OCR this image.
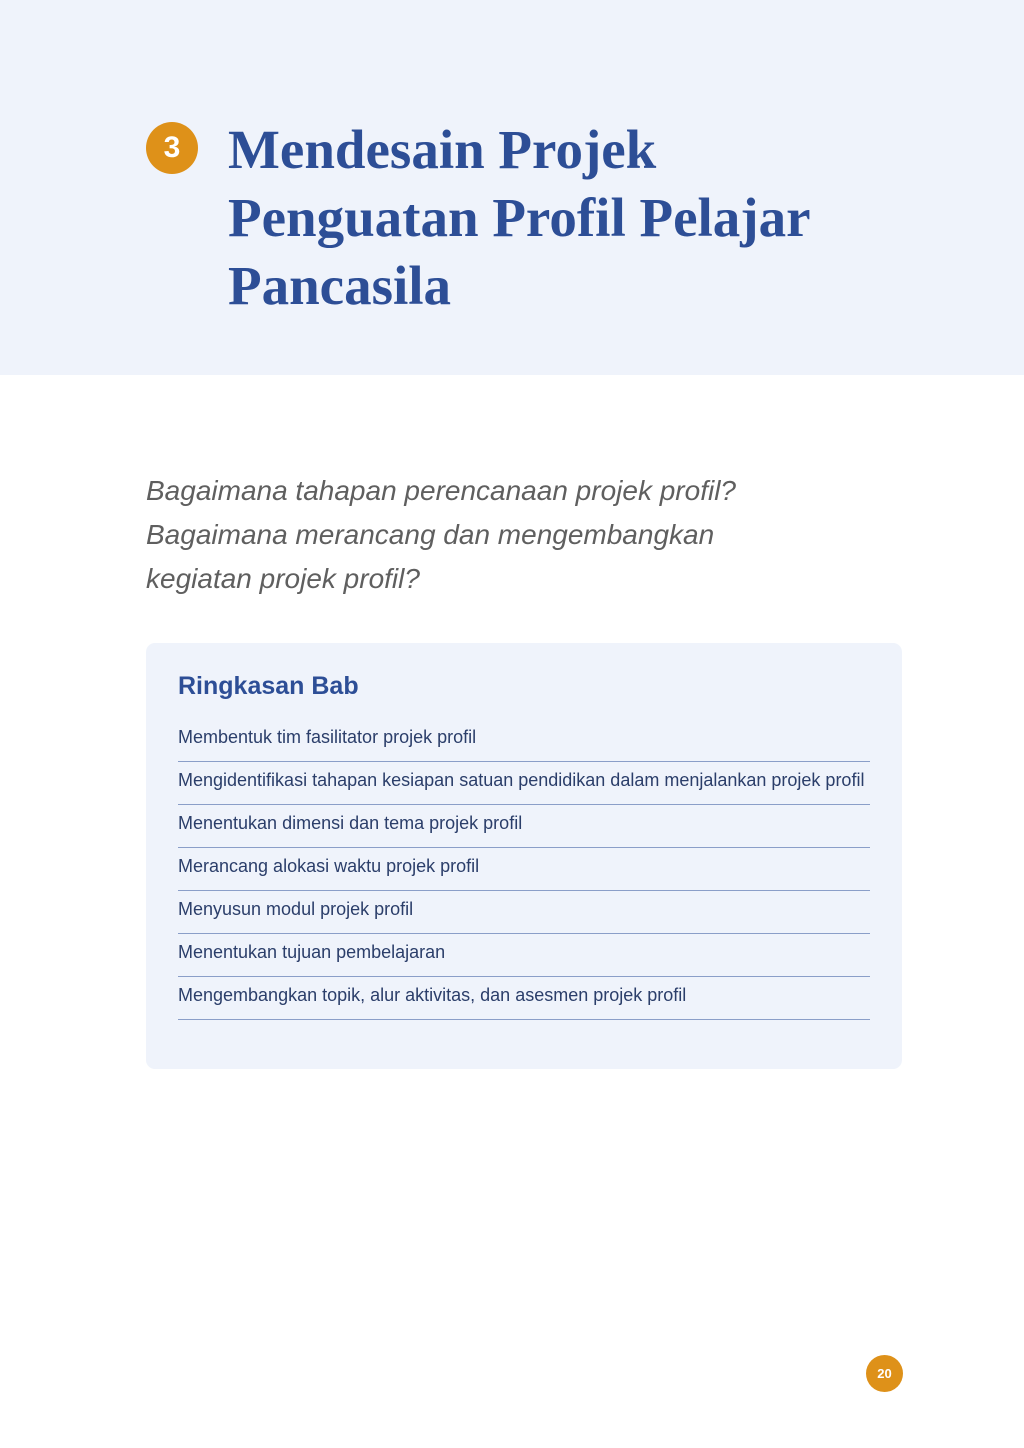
3 Mendesain Projek
Penguatan Profil Pelajar
Pancasila

Bagaimana tahapan perencanaan projek profil?
Bagaimana merancang dan mengembangkan
kegiatan projek profil?

Ringkasan Bab
Membentuk tim fasilitator projek profil
Mengidentifikasi tahapan kesiapan satuan pendidikan dalam menjalankan projek profil
Menentukan dimensi dan tema projek profil
Merancang alokasi waktu projek profil
Menyusun modul projek profil
Menentukan tujuan pembelajaran
Mengembangkan topik, alur aktivitas, dan asesmen projek profil
20
